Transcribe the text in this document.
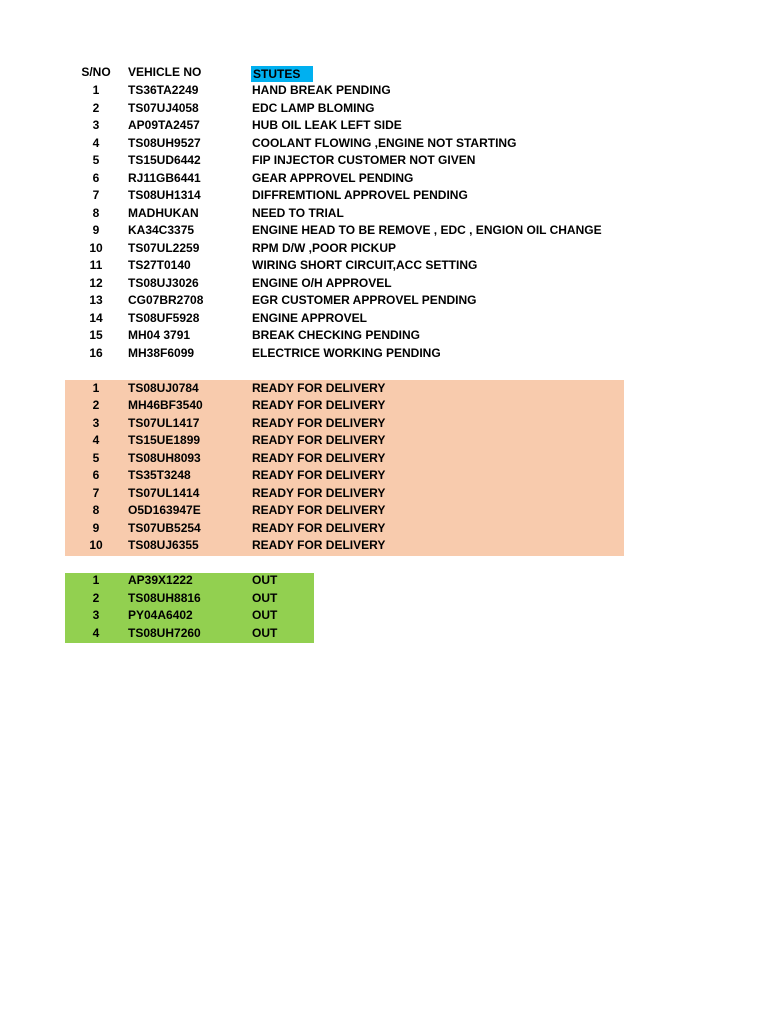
S/NO	VEHICLE NO	STUTES
1	TS36TA2249	HAND BREAK PENDING
2	TS07UJ4058	EDC LAMP BLOMING
3	AP09TA2457	HUB OIL LEAK LEFT SIDE
4	TS08UH9527	COOLANT FLOWING ,ENGINE NOT STARTING
5	TS15UD6442	FIP INJECTOR CUSTOMER NOT GIVEN
6	RJ11GB6441	GEAR APPROVEL PENDING
7	TS08UH1314	DIFFREMTIONL APPROVEL PENDING
8	MADHUKAN	NEED TO TRIAL
9	KA34C3375	ENGINE HEAD TO BE REMOVE , EDC , ENGION OIL CHANGE
10	TS07UL2259	RPM D/W ,POOR PICKUP
11	TS27T0140	WIRING SHORT CIRCUIT,ACC SETTING
12	TS08UJ3026	ENGINE O/H APPROVEL
13	CG07BR2708	EGR CUSTOMER APPROVEL PENDING
14	TS08UF5928	ENGINE APPROVEL
15	MH04 3791	BREAK CHECKING PENDING
16	MH38F6099	ELECTRICE WORKING PENDING
1	TS08UJ0784	READY FOR DELIVERY
2	MH46BF3540	READY FOR DELIVERY
3	TS07UL1417	READY FOR DELIVERY
4	TS15UE1899	READY FOR DELIVERY
5	TS08UH8093	READY FOR DELIVERY
6	TS35T3248	READY FOR DELIVERY
7	TS07UL1414	READY FOR DELIVERY
8	O5D163947E	READY FOR DELIVERY
9	TS07UB5254	READY FOR DELIVERY
10	TS08UJ6355	READY FOR DELIVERY
1	AP39X1222	OUT
2	TS08UH8816	OUT
3	PY04A6402	OUT
4	TS08UH7260	OUT
